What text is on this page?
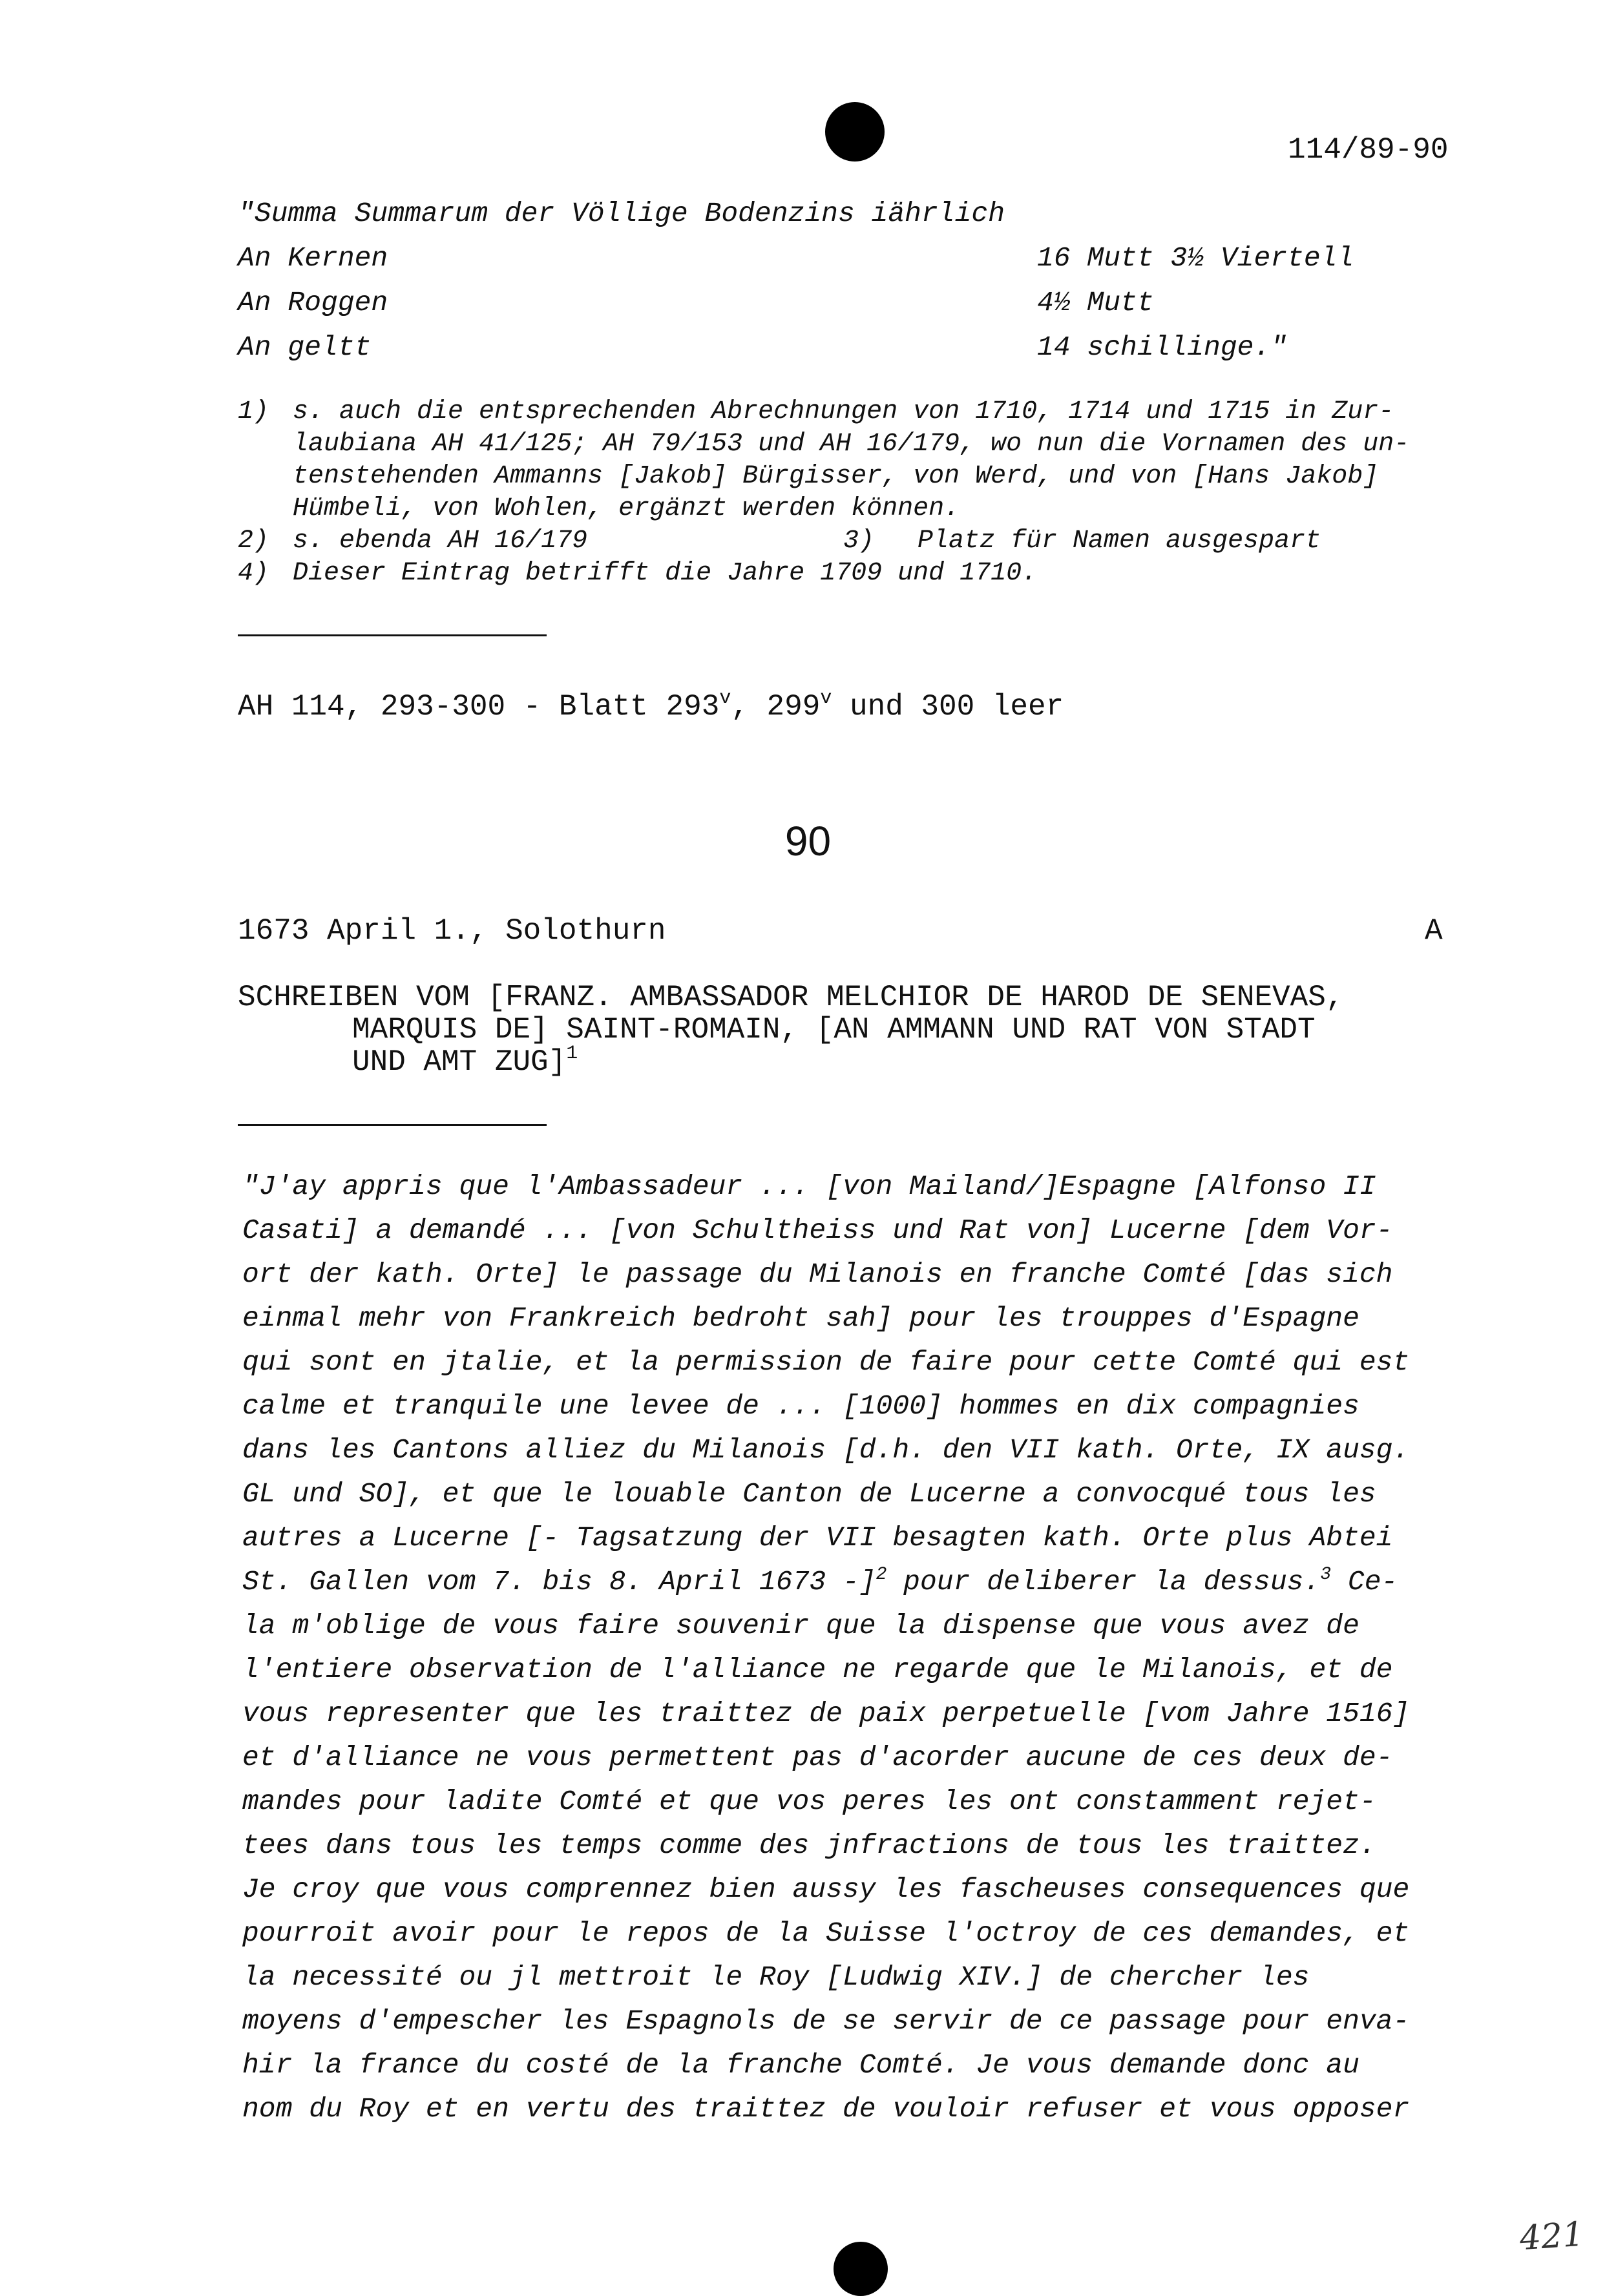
114/89-90
"Summa Summarum der Völlige Bodenzins iährlich
An Kernen	16 Mutt 3½ Viertell
An Roggen	4½ Mutt
An geltt	14 schillinge."
1) s. auch die entsprechenden Abrechnungen von 1710, 1714 und 1715 in Zur-
laubiana AH 41/125; AH 79/153 und AH 16/179, wo nun die Vornamen des un-
tenstehenden Ammanns [Jakob] Bürgisser, von Werd, und von [Hans Jakob]
Hümbeli, von Wohlen, ergänzt werden können.
2) s. ebenda AH 16/179	3) Platz für Namen ausgespart
4) Dieser Eintrag betrifft die Jahre 1709 und 1710.
AH 114, 293-300 - Blatt 293$^v$, 299$^v$ und 300 leer
90
1673 April 1., Solothurn	A
SCHREIBEN VOM [FRANZ. AMBASSADOR MELCHIOR DE HAROD DE SENEVAS,
MARQUIS DE] SAINT-ROMAIN, [AN AMMANN UND RAT VON STADT
UND AMT ZUG]$^1$
"J'ay appris que l'Ambassadeur ... [von Mailand/]Espagne [Alfonso II
Casati] a demandé ... [von Schultheiss und Rat von] Lucerne [dem Vor-
ort der kath. Orte] le passage du Milanois en franche Comté [das sich
einmal mehr von Frankreich bedroht sah] pour les trouppes d'Espagne
qui sont en jtalie, et la permission de faire pour cette Comté qui est
calme et tranquile une levee de ... [1000] hommes en dix compagnies
dans les Cantons alliez du Milanois [d.h. den VII kath. Orte, IX ausg.
GL und SO], et que le louable Canton de Lucerne a convocqué tous les
autres a Lucerne [- Tagsatzung der VII besagten kath. Orte plus Abtei
St. Gallen vom 7. bis 8. April 1673 -]$^2$ pour deliberer la dessus.$^3$ Ce-
la m'oblige de vous faire souvenir que la dispense que vous avez de
l'entiere observation de l'alliance ne regarde que le Milanois, et de
vous representer que les traittez de paix perpetuelle [vom Jahre 1516]
et d'alliance ne vous permettent pas d'acorder aucune de ces deux de-
mandes pour ladite Comté et que vos peres les ont constamment rejet-
tees dans tous les temps comme des jnfractions de tous les traittez.
Je croy que vous comprennez bien aussy les fascheuses consequences que
pourroit avoir pour le repos de la Suisse l'octroy de ces demandes, et
la necessité ou jl mettroit le Roy [Ludwig XIV.] de chercher les
moyens d'empescher les Espagnols de se servir de ce passage pour enva-
hir la france du costé de la franche Comté. Je vous demande donc au
nom du Roy et en vertu des traittez de vouloir refuser et vous opposer
421
